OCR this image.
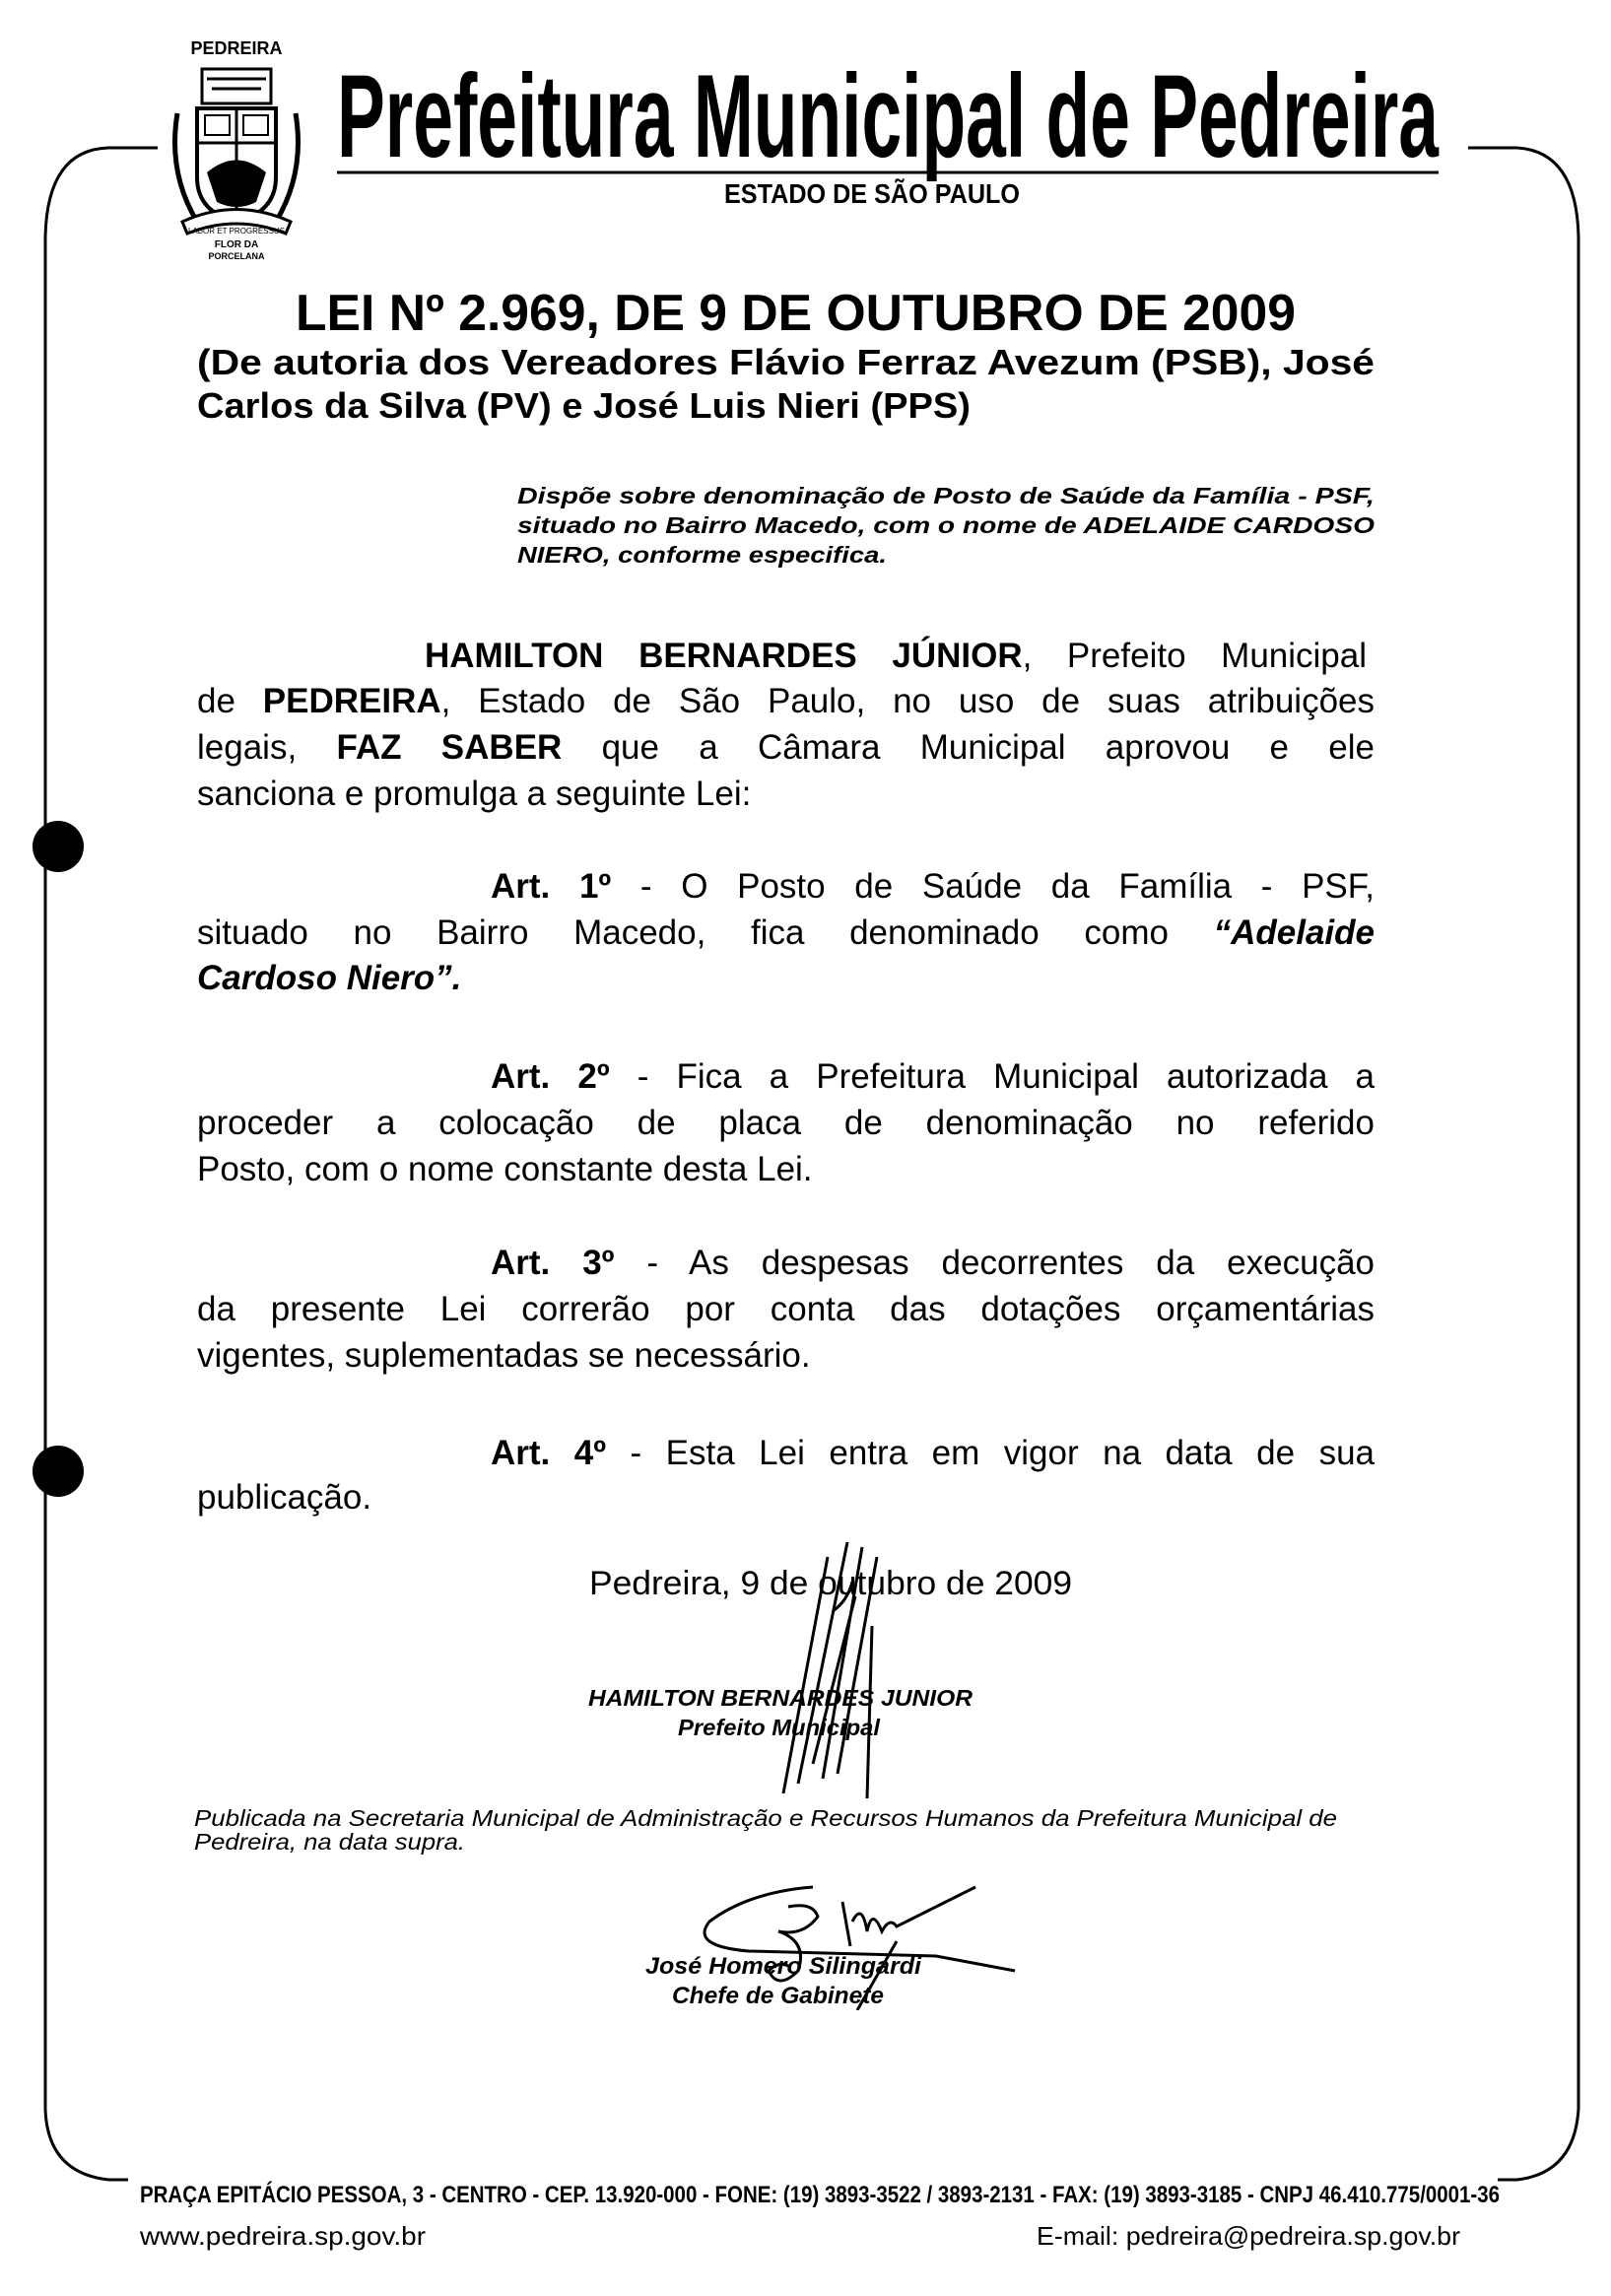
PEDREIRA
LABOR ET PROGRESSUS
FLOR DA
PORCELANA
Prefeitura Municipal de Pedreira
ESTADO DE SÃO PAULO
LEI Nº 2.969, DE 9 DE OUTUBRO DE 2009
(De autoria dos Vereadores Flávio Ferraz Avezum (PSB), José
Carlos da Silva (PV) e José Luis Nieri (PPS)
Dispõe sobre denominação de Posto de Saúde da Família - PSF,
situado no Bairro Macedo, com o nome de ADELAIDE CARDOSO
NIERO, conforme especifica.
HAMILTON BERNARDES JÚNIOR, Prefeito Municipal
de PEDREIRA, Estado de São Paulo, no uso de suas atribuições
legais, FAZ SABER que a Câmara Municipal aprovou e ele
sanciona e promulga a seguinte Lei:
Art. 1º - O Posto de Saúde da Família - PSF,
situado no Bairro Macedo, fica denominado como “Adelaide
Cardoso Niero”.
Art. 2º - Fica a Prefeitura Municipal autorizada a
proceder a colocação de placa de denominação no referido
Posto, com o nome constante desta Lei.
Art. 3º - As despesas decorrentes da execução
da presente Lei correrão por conta das dotações orçamentárias
vigentes, suplementadas se necessário.
Art. 4º - Esta Lei entra em vigor na data de sua
publicação.
Pedreira, 9 de outubro de 2009
HAMILTON BERNARDES JUNIOR
Prefeito Municipal
Publicada na Secretaria Municipal de Administração e Recursos Humanos da Prefeitura Municipal de
Pedreira, na data supra.
José Homero Silingardi
Chefe de Gabinete
PRAÇA EPITÁCIO PESSOA, 3 - CENTRO - CEP. 13.920-000 - FONE: (19) 3893-3522 / 3893-2131 - FAX: (19) 3893-3185 - CNPJ 46.410.775/0001-36
www.pedreira.sp.gov.br	E-mail: pedreira@pedreira.sp.gov.br
